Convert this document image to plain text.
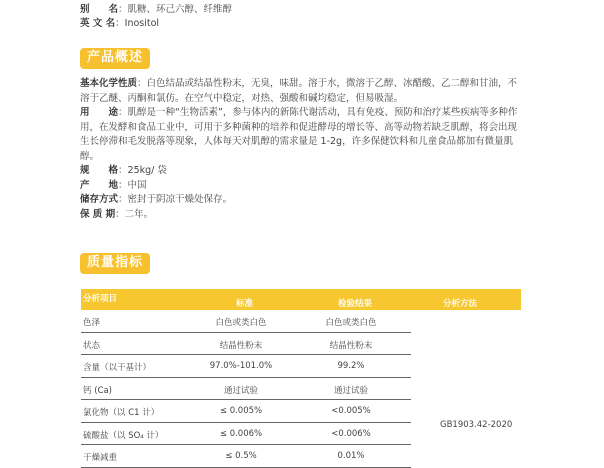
别　　名：肌糖、环己六醇、纤维醇
英 文 名：Inositol
产品概述
基本化学性质：白色结晶或结晶性粉末，无臭，味甜。溶于水，微溶于乙醇、冰醋酸、乙二醇和甘油，不溶于乙醚、丙酮和氯仿。在空气中稳定，对热、强酸和碱均稳定，但易吸湿。
用　　途：肌醇是一种“生物活素”，参与体内的新陈代谢活动，具有免疫、预防和治疗某些疾病等多种作用，在发酵和食品工业中，可用于多种菌种的培养和促进酵母的增长等、高等动物若缺乏肌醇，将会出现生长停滞和毛发脱落等现象，人体每天对肌醇的需求量是 1-2g，许多保健饮料和儿童食品都加有微量肌醇。
规　　格：25kg/ 袋
产　　地：中国
储存方式：密封于阴凉干燥处保存。
保 质 期：二年。
质量指标
分析项目	标准	检验结果	分析方法
色泽	白色或类白色	白色或类白色
状态	结晶性粉末	结晶性粉末
含量（以干基计）	97.0%-101.0%	99.2%
钙 (Ca)	通过试验	通过试验
氯化物（以 C1 计）	≤ 0.005%	<0.005%
硫酸盐（以 SO₄ 计）	≤ 0.006%	<0.006%
干燥减重	≤ 0.5%	0.01%
GB1903.42-2020
